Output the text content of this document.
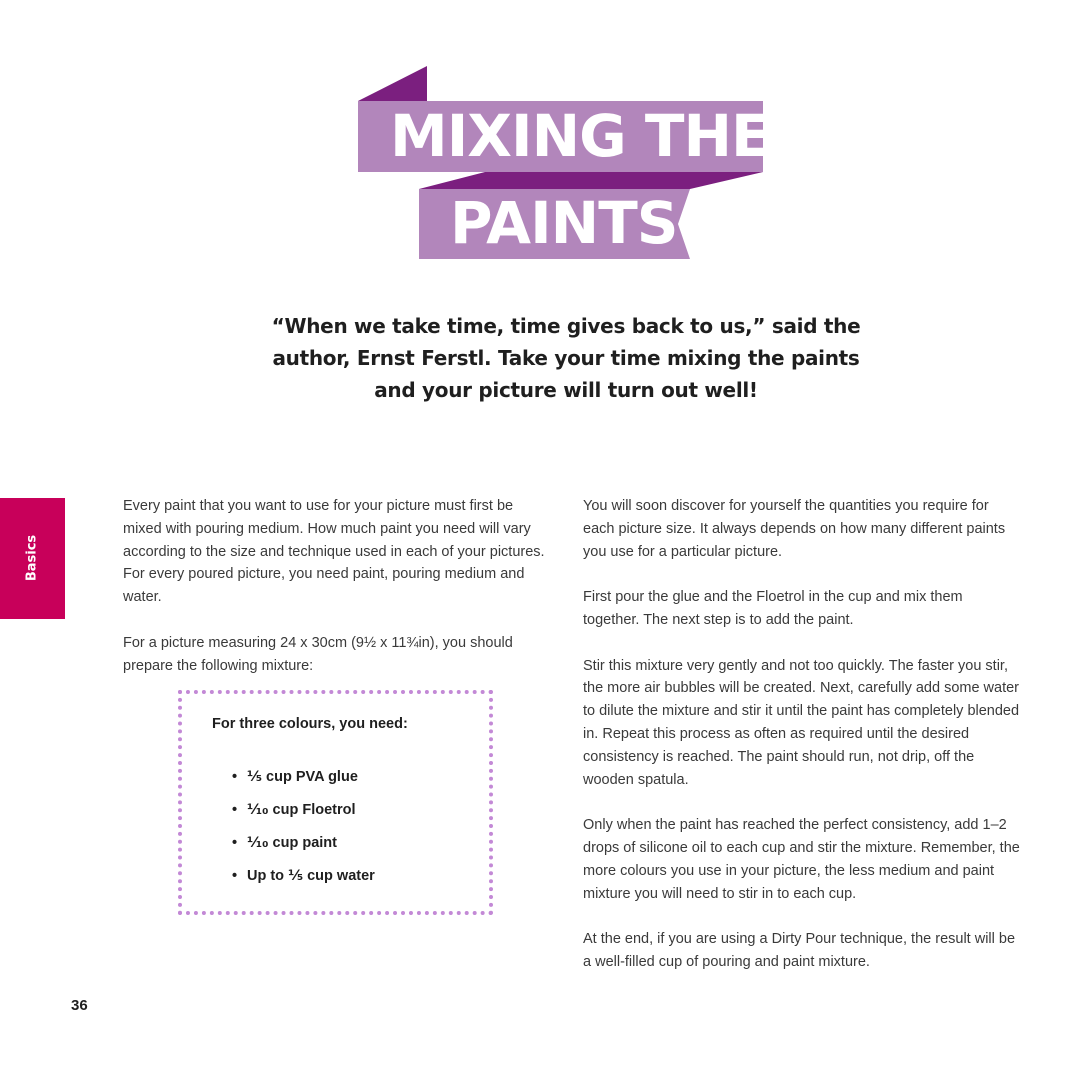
MIXING THE
PAINTS
“When we take time, time gives back to us,” said the author, Ernst Ferstl. Take your time mixing the paints and your picture will turn out well!
Basics

Every paint that you want to use for your picture must first be mixed with pouring medium. How much paint you need will vary according to the size and technique used in each of your pictures. For every poured picture, you need paint, pouring medium and water.

For a picture measuring 24 x 30cm (9½ x 11¾in), you should prepare the following mixture:

For three colours, you need:
• ⅕ cup PVA glue
• ⅒ cup Floetrol
• ⅒ cup paint
• Up to ⅕ cup water

You will soon discover for yourself the quantities you require for each picture size. It always depends on how many different paints you use for a particular picture.

First pour the glue and the Floetrol in the cup and mix them together. The next step is to add the paint.

Stir this mixture very gently and not too quickly. The faster you stir, the more air bubbles will be created. Next, carefully add some water to dilute the mixture and stir it until the paint has completely blended in. Repeat this process as often as required until the desired consistency is reached. The paint should run, not drip, off the wooden spatula.

Only when the paint has reached the perfect consistency, add 1–2 drops of silicone oil to each cup and stir the mixture. Remember, the more colours you use in your picture, the less medium and paint mixture you will need to stir in to each cup.

At the end, if you are using a Dirty Pour technique, the result will be a well-filled cup of pouring and paint mixture.

36
